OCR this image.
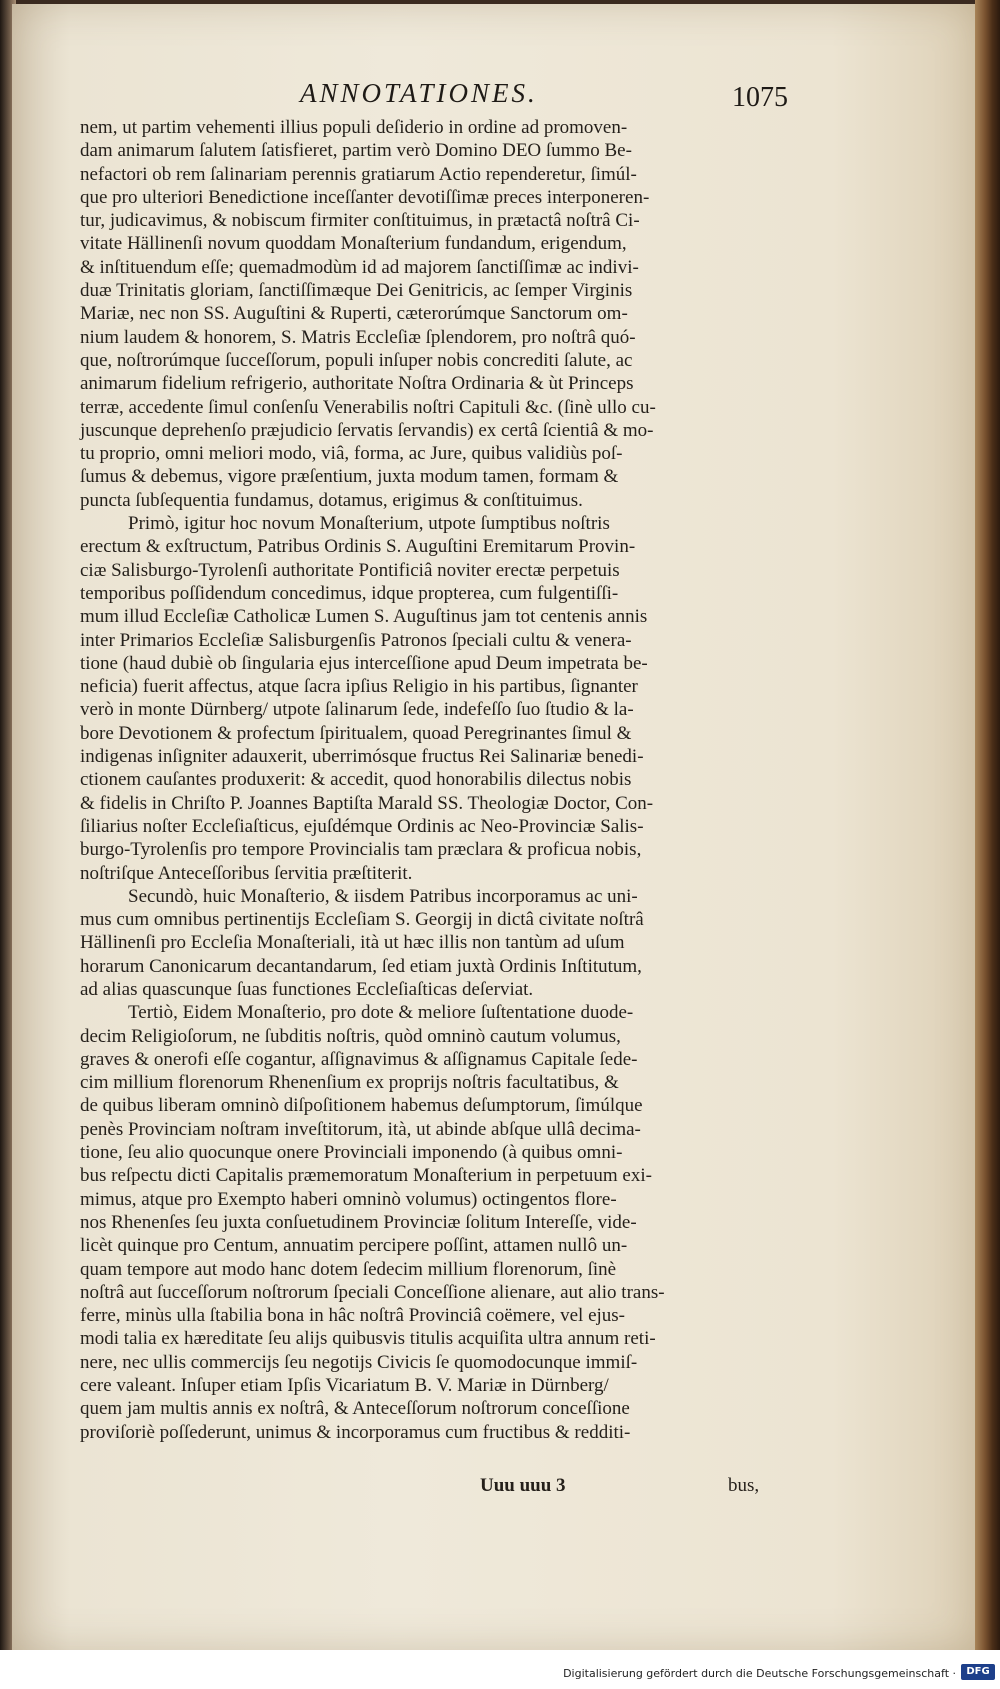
ANNOTATIONES.	1075
nem, ut partim vehementi illius populi deſiderio in ordine ad promoven-
dam animarum ſalutem ſatisfieret, partim verò Domino DEO ſummo Be-
nefactori ob rem ſalinariam perennis gratiarum Actio rependeretur, ſimúl-
que pro ulteriori Benedictione inceſſanter devotiſſimæ preces interponeren-
tur, judicavimus, & nobiscum firmiter conſtituimus, in prætactâ noſtrâ Ci-
vitate Hällinenſi novum quoddam Monaſterium fundandum, erigendum,
& inſtituendum eſſe; quemadmodùm id ad majorem ſanctiſſimæ ac indivi-
duæ Trinitatis gloriam, ſanctiſſimæque Dei Genitricis, ac ſemper Virginis
Mariæ, nec non SS. Auguſtini & Ruperti, cæterorúmque Sanctorum om-
nium laudem & honorem, S. Matris Eccleſiæ ſplendorem, pro noſtrâ quó-
que, noſtrorúmque ſucceſſorum, populi inſuper nobis concrediti ſalute, ac
animarum fidelium refrigerio, authoritate Noſtra Ordinaria & ùt Princeps
terræ, accedente ſimul conſenſu Venerabilis noſtri Capituli &c. (ſinè ullo cu-
juscunque deprehenſo præjudicio ſervatis ſervandis) ex certâ ſcientiâ & mo-
tu proprio, omni meliori modo, viâ, forma, ac Jure, quibus validiùs poſ-
ſumus & debemus, vigore præſentium, juxta modum tamen, formam &
puncta ſubſequentia fundamus, dotamus, erigimus & conſtituimus.
Primò, igitur hoc novum Monaſterium, utpote ſumptibus noſtris
erectum & exſtructum, Patribus Ordinis S. Auguſtini Eremitarum Provin-
ciæ Salisburgo-Tyrolenſi authoritate Pontificiâ noviter erectæ perpetuis
temporibus poſſidendum concedimus, idque propterea, cum fulgentiſſi-
mum illud Eccleſiæ Catholicæ Lumen S. Auguſtinus jam tot centenis annis
inter Primarios Eccleſiæ Salisburgenſis Patronos ſpeciali cultu & venera-
tione (haud dubiè ob ſingularia ejus interceſſione apud Deum impetrata be-
neficia) fuerit affectus, atque ſacra ipſius Religio in his partibus, ſignanter
verò in monte Dürnberg/ utpote ſalinarum ſede, indefeſſo ſuo ſtudio & la-
bore Devotionem & profectum ſpiritualem, quoad Peregrinantes ſimul &
indigenas inſigniter adauxerit, uberrimósque fructus Rei Salinariæ benedi-
ctionem cauſantes produxerit: & accedit, quod honorabilis dilectus nobis
& fidelis in Chriſto P. Joannes Baptiſta Marald SS. Theologiæ Doctor, Con-
ſiliarius noſter Eccleſiaſticus, ejuſdémque Ordinis ac Neo-Provinciæ Salis-
burgo-Tyrolenſis pro tempore Provincialis tam præclara & proficua nobis,
noſtriſque Anteceſſoribus ſervitia præſtiterit.
Secundò, huic Monaſterio, & iisdem Patribus incorporamus ac uni-
mus cum omnibus pertinentijs Eccleſiam S. Georgij in dictâ civitate noſtrâ
Hällinenſi pro Eccleſia Monaſteriali, ità ut hæc illis non tantùm ad uſum
horarum Canonicarum decantandarum, ſed etiam juxtà Ordinis Inſtitutum,
ad alias quascunque ſuas functiones Eccleſiaſticas deſerviat.
Tertiò, Eidem Monaſterio, pro dote & meliore ſuſtentatione duode-
decim Religioſorum, ne ſubditis noſtris, quòd omninò cautum volumus,
graves & onerofi eſſe cogantur, aſſignavimus & aſſignamus Capitale ſede-
cim millium florenorum Rhenenſium ex proprijs noſtris facultatibus, &
de quibus liberam omninò diſpoſitionem habemus deſumptorum, ſimúlque
penès Provinciam noſtram inveſtitorum, ità, ut abinde abſque ullâ decima-
tione, ſeu alio quocunque onere Provinciali imponendo (à quibus omni-
bus reſpectu dicti Capitalis præmemoratum Monaſterium in perpetuum exi-
mimus, atque pro Exempto haberi omninò volumus) octingentos flore-
nos Rhenenſes ſeu juxta conſuetudinem Provinciæ ſolitum Intereſſe, vide-
licèt quinque pro Centum, annuatim percipere poſſint, attamen nullô un-
quam tempore aut modo hanc dotem ſedecim millium florenorum, ſinè
noſtrâ aut ſucceſſorum noſtrorum ſpeciali Conceſſione alienare, aut alio trans-
ferre, minùs ulla ſtabilia bona in hâc noſtrâ Provinciâ coëmere, vel ejus-
modi talia ex hæreditate ſeu alijs quibusvis titulis acquiſita ultra annum reti-
nere, nec ullis commercijs ſeu negotijs Civicis ſe quomodocunque immiſ-
cere valeant. Inſuper etiam Ipſis Vicariatum B. V. Mariæ in Dürnberg/
quem jam multis annis ex noſtrâ, & Anteceſſorum noſtrorum conceſſione
proviſoriè poſſederunt, unimus & incorporamus cum fructibus & redditi-
Uuu uuu 3	bus,
Digitalisierung gefördert durch die Deutsche Forschungsgemeinschaft ·	DFG
